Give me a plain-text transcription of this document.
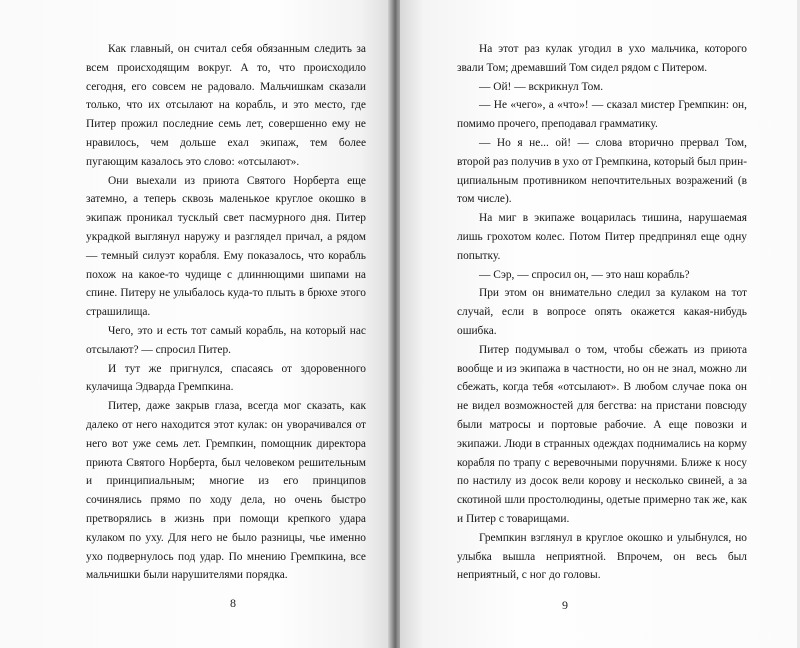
Как главный, он считал себя обязанным следить за всем происходящим вокруг. А то, что происходило сегодня, его совсем не радовало. Мальчишкам сказали только, что их отсылают на корабль, и это место, где Питер прожил последние семь лет, совершенно ему не нравилось, чем дольше ехал экипаж, тем более пугающим казалось это слово: «отсылают».

Они выехали из приюта Святого Норберта еще затемно, а теперь сквозь маленькое круглое окошко в экипаж проникал тусклый свет пасмурного дня. Питер украдкой выглянул наружу и разглядел причал, а рядом — темный силуэт корабля. Ему показалось, что корабль похож на какое-то чудище с длиннющими шипами на спине. Питеру не улыбалось куда-то плыть в брюхе этого страшилища.

Чего, это и есть тот самый корабль, на который нас отсылают? — спросил Питер.

И тут же пригнулся, спасаясь от здоровенного кулачища Эдварда Гремпкина.

Питер, даже закрыв глаза, всегда мог сказать, как далеко от него находится этот кулак: он уворачивался от него вот уже семь лет. Гремпкин, помощник директора приюта Святого Норберта, был человеком решительным и принципиальным; многие из его принципов сочинялись прямо по ходу дела, но очень быстро претворялись в жизнь при помощи крепкого удара кулаком по уху. Для него не было разницы, чье именно ухо подвернулось под удар. По мнению Гремпкина, все мальчишки были нарушителями порядка.

8

На этот раз кулак угодил в ухо мальчика, которого звали Том; дремавший Том сидел рядом с Питером.

— Ой! — вскрикнул Том.

— Не «чего», а «что»! — сказал мистер Гремпкин: он, помимо прочего, преподавал грамматику.

— Но я не... ой! — слова вторично прервал Том, второй раз получив в ухо от Гремпкина, который был принципиальным противником непочтительных возражений (в том числе).

На миг в экипаже воцарилась тишина, нарушаемая лишь грохотом колес. Потом Питер предпринял еще одну попытку.

— Сэр, — спросил он, — это наш корабль?

При этом он внимательно следил за кулаком на тот случай, если в вопросе опять окажется какая-нибудь ошибка.

Питер подумывал о том, чтобы сбежать из приюта вообще и из экипажа в частности, но он не знал, можно ли сбежать, когда тебя «отсылают». В любом случае пока он не видел возможностей для бегства: на пристани повсюду были матросы и портовые рабочие. А еще повозки и экипажи. Люди в странных одеждах поднимались на корму корабля по трапу с веревочными поручнями. Ближе к носу по настилу из досок вели корову и несколько свиней, а за скотиной шли простолюдины, одетые примерно так же, как и Питер с товарищами.

Гремпкин взглянул в круглое окошко и улыбнулся, но улыбка вышла неприятной. Впрочем, он весь был неприятный, с ног до головы.

9
